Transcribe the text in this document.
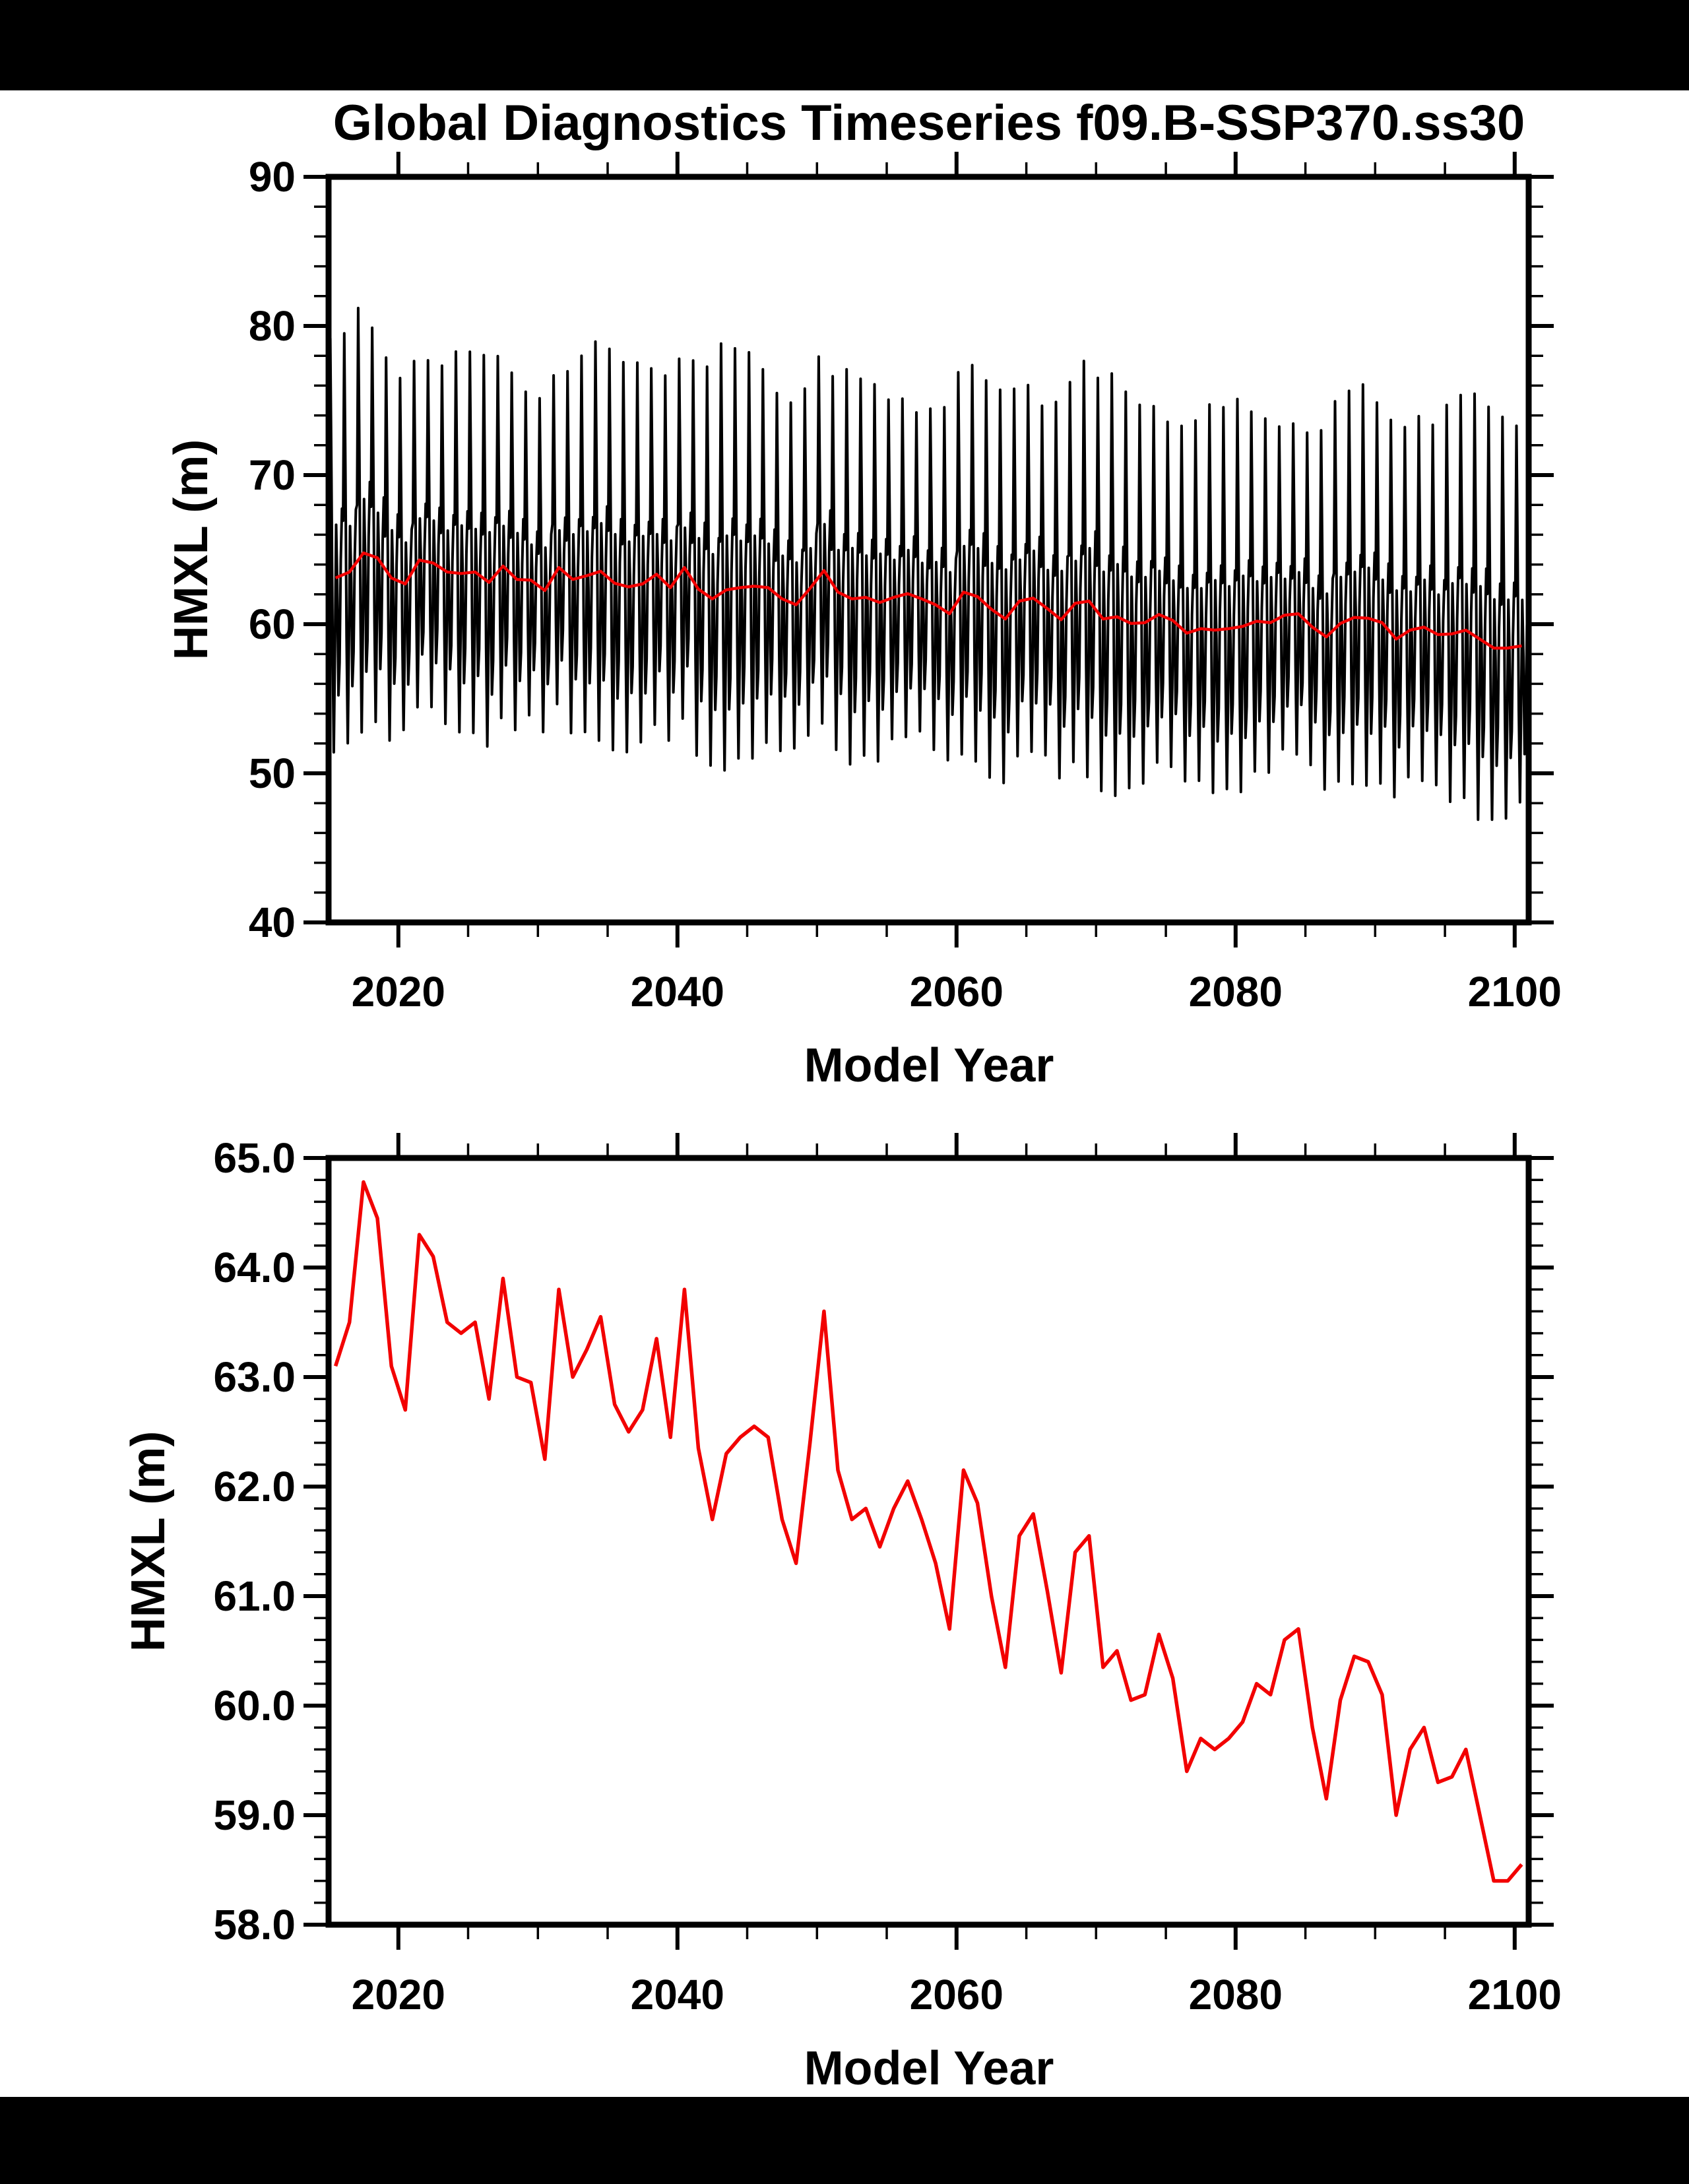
2020	2040	2060	2080	2100
40
50
60
70
80
90
2020	2040	2060	2080	2100
58.0
59.0
60.0
61.0
62.0
63.0
64.0
65.0
Global Diagnostics Timeseries f09.B-SSP370.ss30
HMXL (m)
Model Year
HMXL (m)
Model Year
